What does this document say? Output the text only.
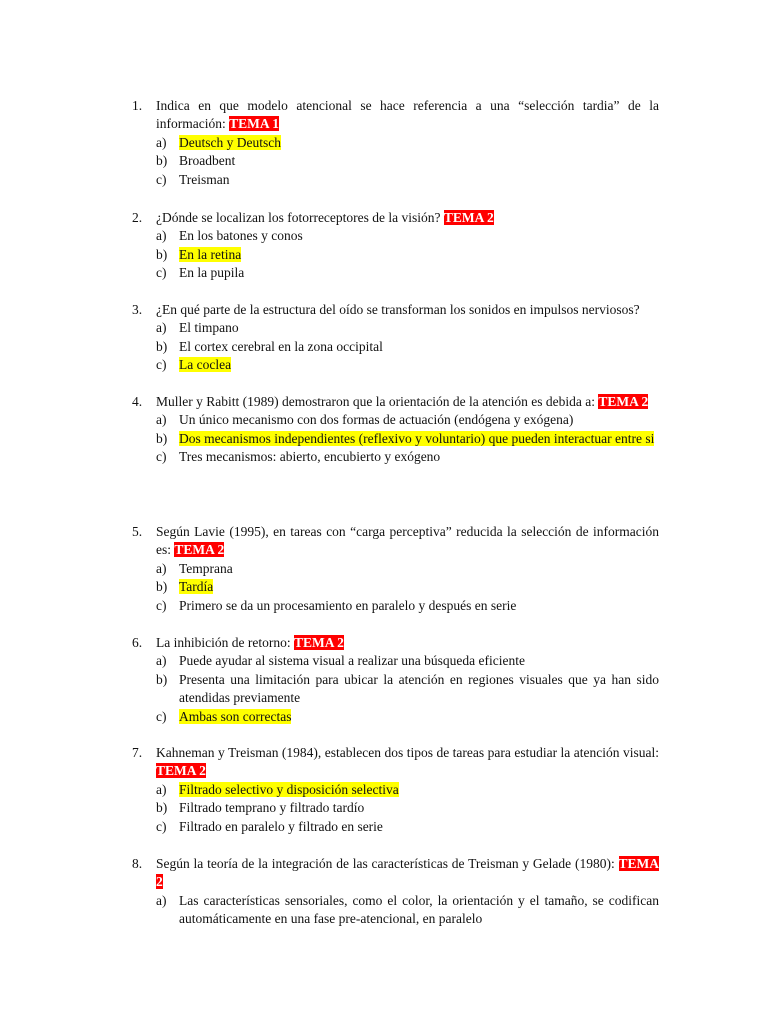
1.	Indica en que modelo atencional se hace referencia a una “selección tardia” de la información: TEMA 1
a) Deutsch y Deutsch
b) Broadbent
c) Treisman
2.	¿Dónde se localizan los fotorreceptores de la visión? TEMA 2
a) En los batones y conos
b) En la retina
c) En la pupila
3.	¿En qué parte de la estructura del oído se transforman los sonidos en impulsos nerviosos?
a) El timpano
b) El cortex cerebral en la zona occipital
c) La coclea
4.	Muller y Rabitt (1989) demostraron que la orientación de la atención es debida a: TEMA 2
a) Un único mecanismo con dos formas de actuación (endógena y exógena)
b) Dos mecanismos independientes (reflexivo y voluntario) que pueden interactuar entre si
c) Tres mecanismos: abierto, encubierto y exógeno
5.	Según Lavie (1995), en tareas con “carga perceptiva” reducida la selección de información es: TEMA 2
a) Temprana
b) Tardía
c) Primero se da un procesamiento en paralelo y después en serie
6.	La inhibición de retorno: TEMA 2
a) Puede ayudar al sistema visual a realizar una búsqueda eficiente
b) Presenta una limitación para ubicar la atención en regiones visuales que ya han sido atendidas previamente
c) Ambas son correctas
7.	Kahneman y Treisman (1984), establecen dos tipos de tareas para estudiar la atención visual: TEMA 2
a) Filtrado selectivo y disposición selectiva
b) Filtrado temprano y filtrado tardío
c) Filtrado en paralelo y filtrado en serie
8.	Según la teoría de la integración de las características de Treisman y Gelade (1980): TEMA 2
a) Las características sensoriales, como el color, la orientación y el tamaño, se codifican automáticamente en una fase pre-atencional, en paralelo
